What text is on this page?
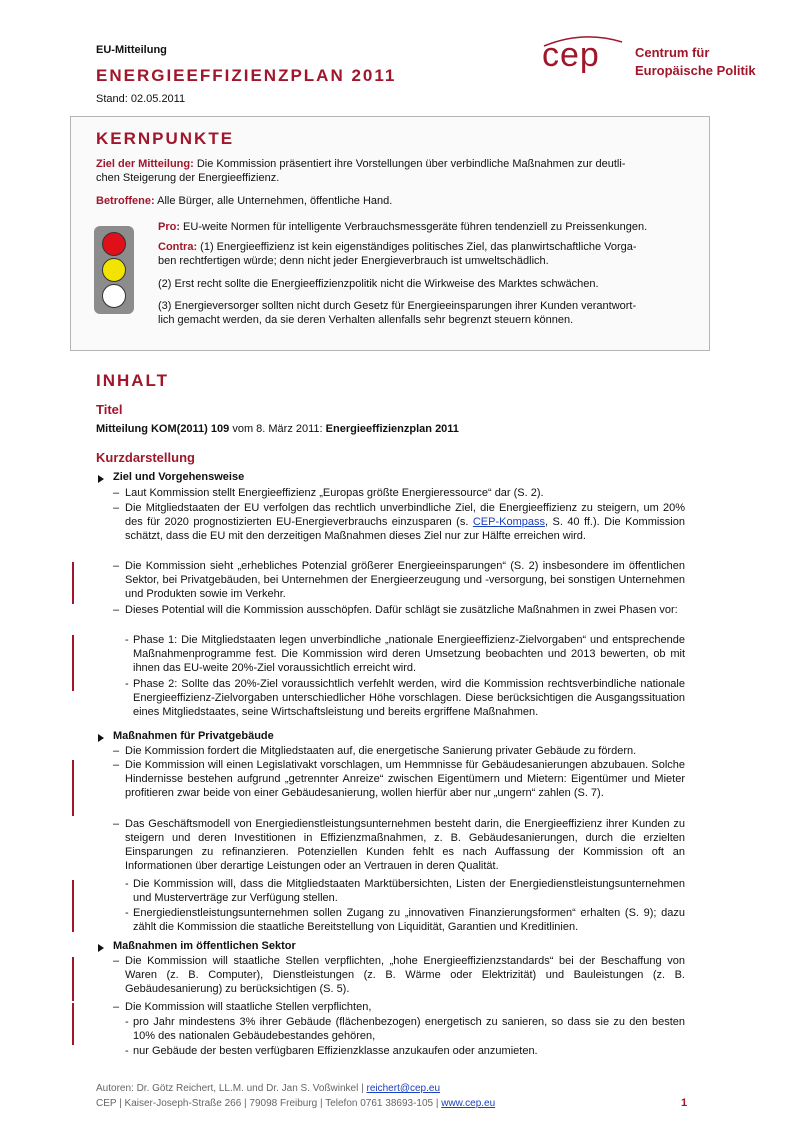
EU-Mitteilung
ENERGIEEFFIZIENZPLAN 2011
Stand: 02.05.2011
cep	Centrum für
Europäische Politik
KERNPUNKTE
Ziel der Mitteilung: Die Kommission präsentiert ihre Vorstellungen über verbindliche Maßnahmen zur deutli-
chen Steigerung der Energieeffizienz.
Betroffene: Alle Bürger, alle Unternehmen, öffentliche Hand.
Pro: EU-weite Normen für intelligente Verbrauchsmessgeräte führen tendenziell zu Preissenkungen.
Contra: (1) Energieeffizienz ist kein eigenständiges politisches Ziel, das planwirtschaftliche Vorga-
ben rechtfertigen würde; denn nicht jeder Energieverbrauch ist umweltschädlich.
(2) Erst recht sollte die Energieeffizienzpolitik nicht die Wirkweise des Marktes schwächen.
(3) Energieversorger sollten nicht durch Gesetz für Energieeinsparungen ihrer Kunden verantwort-
lich gemacht werden, da sie deren Verhalten allenfalls sehr begrenzt steuern können.
INHALT
Titel
Mitteilung KOM(2011) 109 vom 8. März 2011: Energieeffizienzplan 2011
Kurzdarstellung
Ziel und Vorgehensweise
– Laut Kommission stellt Energieeffizienz „Europas größte Energieressource“ dar (S. 2).
– Die Mitgliedstaaten der EU verfolgen das rechtlich unverbindliche Ziel, die Energieeffizienz zu steigern, um 20% des für 2020 prognostizierten EU-Energieverbrauchs einzusparen (s. CEP-Kompass, S. 40 ff.). Die Kommission schätzt, dass die EU mit den derzeitigen Maßnahmen dieses Ziel nur zur Hälfte erreichen wird.
– Die Kommission sieht „erhebliches Potenzial größerer Energieeinsparungen“ (S. 2) insbesondere im öffentlichen Sektor, bei Privatgebäuden, bei Unternehmen der Energieerzeugung und -versorgung, bei sonstigen Unternehmen und Produkten sowie im Verkehr.
– Dieses Potential will die Kommission ausschöpfen. Dafür schlägt sie zusätzliche Maßnahmen in zwei Phasen vor:
- Phase 1: Die Mitgliedstaaten legen unverbindliche „nationale Energieeffizienz-Zielvorgaben“ und entsprechende Maßnahmenprogramme fest. Die Kommission wird deren Umsetzung beobachten und 2013 bewerten, ob mit ihnen das EU-weite 20%-Ziel voraussichtlich erreicht wird.
- Phase 2: Sollte das 20%-Ziel voraussichtlich verfehlt werden, wird die Kommission rechtsverbindliche nationale Energieeffizienz-Zielvorgaben unterschiedlicher Höhe vorschlagen. Diese berücksichtigen die Ausgangssituation eines Mitgliedstaates, seine Wirtschaftsleistung und bereits ergriffene Maßnahmen.
Maßnahmen für Privatgebäude
– Die Kommission fordert die Mitgliedstaaten auf, die energetische Sanierung privater Gebäude zu fördern.
– Die Kommission will einen Legislativakt vorschlagen, um Hemmnisse für Gebäudesanierungen abzubauen. Solche Hindernisse bestehen aufgrund „getrennter Anreize“ zwischen Eigentümern und Mietern: Eigentümer und Mieter profitieren zwar beide von einer Gebäudesanierung, wollen hierfür aber nur „ungern“ zahlen (S. 7).
– Das Geschäftsmodell von Energiedienstleistungsunternehmen besteht darin, die Energieeffizienz ihrer Kunden zu steigern und deren Investitionen in Effizienzmaßnahmen, z. B. Gebäudesanierungen, durch die erzielten Einsparungen zu refinanzieren. Potenziellen Kunden fehlt es nach Auffassung der Kommission oft an Informationen über derartige Leistungen oder an Vertrauen in deren Qualität.
- Die Kommission will, dass die Mitgliedstaaten Marktübersichten, Listen der Energiedienstleistungsunternehmen und Musterverträge zur Verfügung stellen.
- Energiedienstleistungsunternehmen sollen Zugang zu „innovativen Finanzierungsformen“ erhalten (S. 9); dazu zählt die Kommission die staatliche Bereitstellung von Liquidität, Garantien und Kreditlinien.
Maßnahmen im öffentlichen Sektor
– Die Kommission will staatliche Stellen verpflichten, „hohe Energieeffizienzstandards“ bei der Beschaffung von Waren (z. B. Computer), Dienstleistungen (z. B. Wärme oder Elektrizität) und Bauleistungen (z. B. Gebäudesanierung) zu berücksichtigen (S. 5).
– Die Kommission will staatliche Stellen verpflichten,
- pro Jahr mindestens 3% ihrer Gebäude (flächenbezogen) energetisch zu sanieren, so dass sie zu den besten 10% des nationalen Gebäudebestandes gehören,
- nur Gebäude der besten verfügbaren Effizienzklasse anzukaufen oder anzumieten.
Autoren: Dr. Götz Reichert, LL.M. und Dr. Jan S. Voßwinkel | reichert@cep.eu
CEP | Kaiser-Joseph-Straße 266 | 79098 Freiburg | Telefon 0761 38693-105 | www.cep.eu	1
